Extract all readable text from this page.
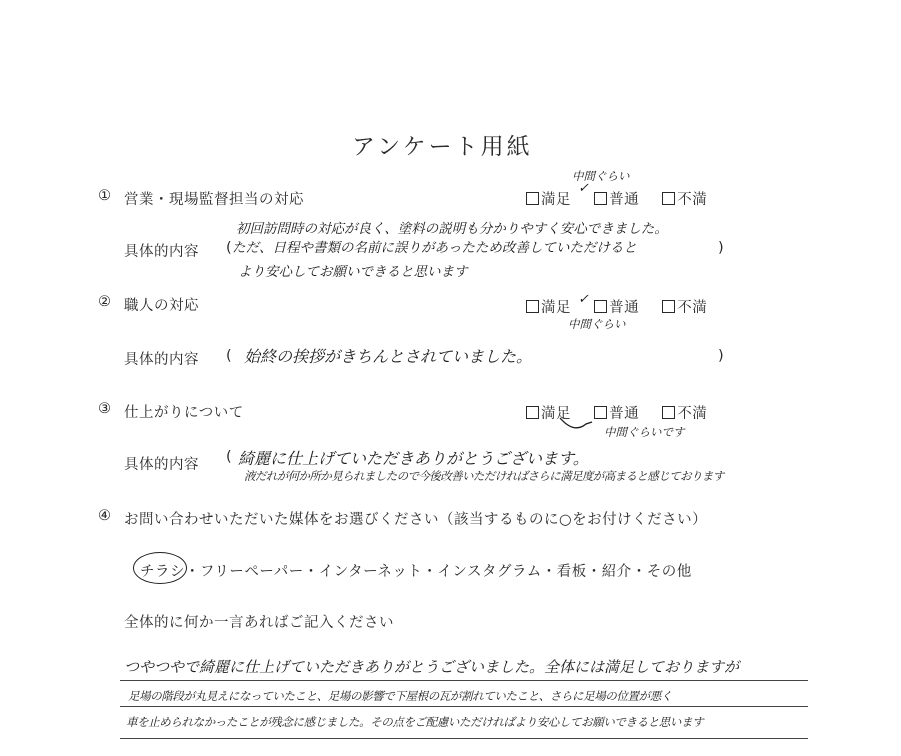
アンケート用紙
① 営業・現場監督担当の対応	満足	普通	不満
中間ぐらい
✓
具体的内容 (	)
初回訪問時の対応が良く、塗料の説明も分かりやすく安心できました。
ただ、日程や書類の名前に誤りがあったため改善していただけると
より安心してお願いできると思います
② 職人の対応	満足	普通	不満
✓
中間ぐらい
具体的内容 (	)
始終の挨拶がきちんとされていました。
③ 仕上がりについて	満足	普通	不満
中間ぐらいです
具体的内容 ( 綺麗に仕上げていただきありがとうございます。
液だれが何か所か見られましたので今後改善いただければさらに満足度が高まると感じております
④ お問い合わせいただいた媒体をお選びください（該当するものに○をお付けください）
チラシ・フリーペーパー・インターネット・インスタグラム・看板・紹介・その他
全体的に何か一言あればご記入ください
つやつやで綺麗に仕上げていただきありがとうございました。全体には満足しておりますが
足場の階段が丸見えになっていたこと、足場の影響で下屋根の瓦が割れていたこと、さらに足場の位置が悪く
車を止められなかったことが残念に感じました。その点をご配慮いただければより安心してお願いできると思います
